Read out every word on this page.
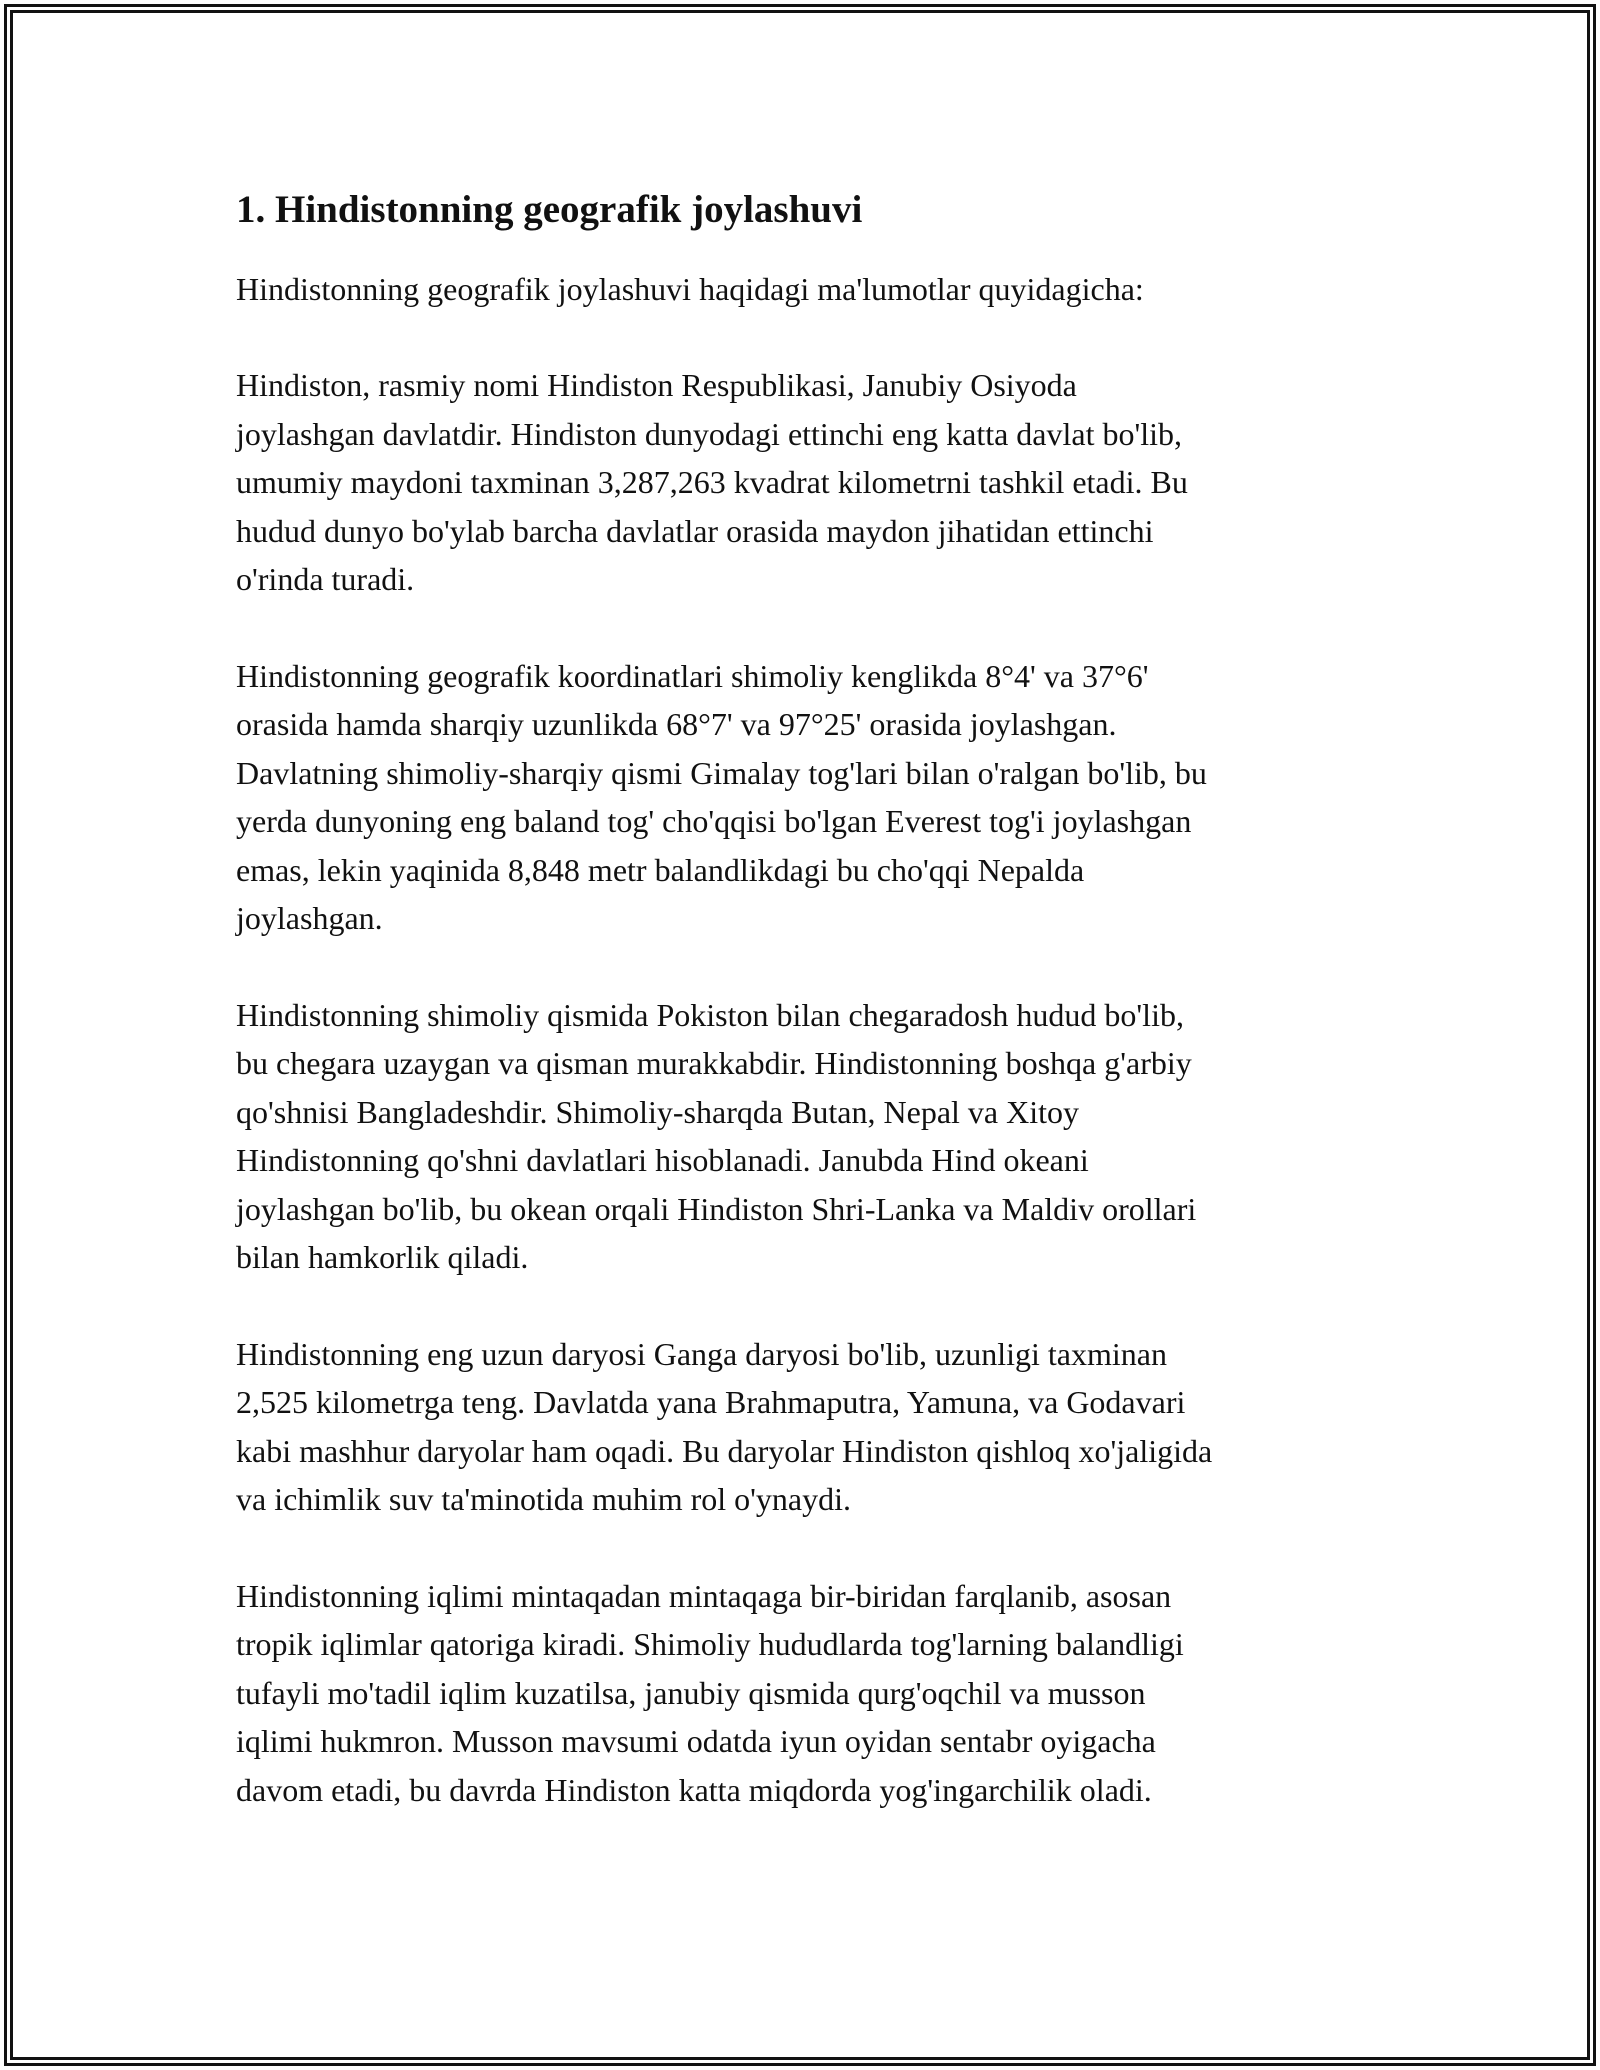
1. Hindistonning geografik joylashuvi

Hindistonning geografik joylashuvi haqidagi ma'lumotlar quyidagicha:

Hindiston, rasmiy nomi Hindiston Respublikasi, Janubiy Osiyoda
joylashgan davlatdir. Hindiston dunyodagi ettinchi eng katta davlat bo'lib,
umumiy maydoni taxminan 3,287,263 kvadrat kilometrni tashkil etadi. Bu
hudud dunyo bo'ylab barcha davlatlar orasida maydon jihatidan ettinchi
o'rinda turadi.

Hindistonning geografik koordinatlari shimoliy kenglikda 8°4' va 37°6'
orasida hamda sharqiy uzunlikda 68°7' va 97°25' orasida joylashgan.
Davlatning shimoliy-sharqiy qismi Gimalay tog'lari bilan o'ralgan bo'lib, bu
yerda dunyoning eng baland tog' cho'qqisi bo'lgan Everest tog'i joylashgan
emas, lekin yaqinida 8,848 metr balandlikdagi bu cho'qqi Nepalda
joylashgan.

Hindistonning shimoliy qismida Pokiston bilan chegaradosh hudud bo'lib,
bu chegara uzaygan va qisman murakkabdir. Hindistonning boshqa g'arbiy
qo'shnisi Bangladeshdir. Shimoliy-sharqda Butan, Nepal va Xitoy
Hindistonning qo'shni davlatlari hisoblanadi. Janubda Hind okeani
joylashgan bo'lib, bu okean orqali Hindiston Shri-Lanka va Maldiv orollari
bilan hamkorlik qiladi.

Hindistonning eng uzun daryosi Ganga daryosi bo'lib, uzunligi taxminan
2,525 kilometrga teng. Davlatda yana Brahmaputra, Yamuna, va Godavari
kabi mashhur daryolar ham oqadi. Bu daryolar Hindiston qishloq xo'jaligida
va ichimlik suv ta'minotida muhim rol o'ynaydi.

Hindistonning iqlimi mintaqadan mintaqaga bir-biridan farqlanib, asosan
tropik iqlimlar qatoriga kiradi. Shimoliy hududlarda tog'larning balandligi
tufayli mo'tadil iqlim kuzatilsa, janubiy qismida qurg'oqchil va musson
iqlimi hukmron. Musson mavsumi odatda iyun oyidan sentabr oyigacha
davom etadi, bu davrda Hindiston katta miqdorda yog'ingarchilik oladi.
